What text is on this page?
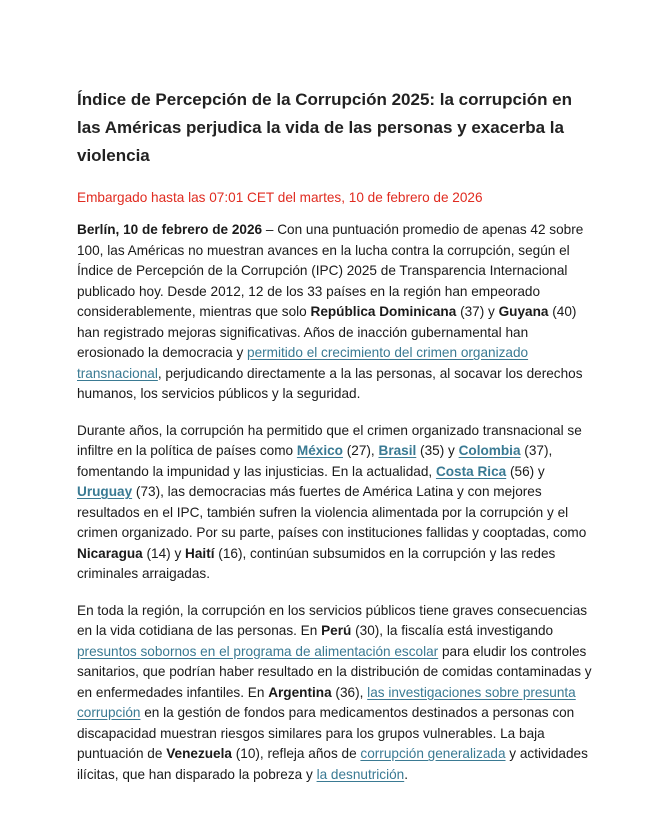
Índice de Percepción de la Corrupción 2025: la corrupción en las Américas perjudica la vida de las personas y exacerba la violencia

Embargado hasta las 07:01 CET del martes, 10 de febrero de 2026

Berlín, 10 de febrero de 2026 – Con una puntuación promedio de apenas 42 sobre 100, las Américas no muestran avances en la lucha contra la corrupción, según el Índice de Percepción de la Corrupción (IPC) 2025 de Transparencia Internacional publicado hoy. Desde 2012, 12 de los 33 países en la región han empeorado considerablemente, mientras que solo República Dominicana (37) y Guyana (40) han registrado mejoras significativas. Años de inacción gubernamental han erosionado la democracia y permitido el crecimiento del crimen organizado transnacional, perjudicando directamente a la las personas, al socavar los derechos humanos, los servicios públicos y la seguridad.

Durante años, la corrupción ha permitido que el crimen organizado transnacional se infiltre en la política de países como México (27), Brasil (35) y Colombia (37), fomentando la impunidad y las injusticias. En la actualidad, Costa Rica (56) y Uruguay (73), las democracias más fuertes de América Latina y con mejores resultados en el IPC, también sufren la violencia alimentada por la corrupción y el crimen organizado. Por su parte, países con instituciones fallidas y cooptadas, como Nicaragua (14) y Haití (16), continúan subsumidos en la corrupción y las redes criminales arraigadas.

En toda la región, la corrupción en los servicios públicos tiene graves consecuencias en la vida cotidiana de las personas. En Perú (30), la fiscalía está investigando presuntos sobornos en el programa de alimentación escolar para eludir los controles sanitarios, que podrían haber resultado en la distribución de comidas contaminadas y en enfermedades infantiles. En Argentina (36), las investigaciones sobre presunta corrupción en la gestión de fondos para medicamentos destinados a personas con discapacidad muestran riesgos similares para los grupos vulnerables. La baja puntuación de Venezuela (10), refleja años de corrupción generalizada y actividades ilícitas, que han disparado la pobreza y la desnutrición.
